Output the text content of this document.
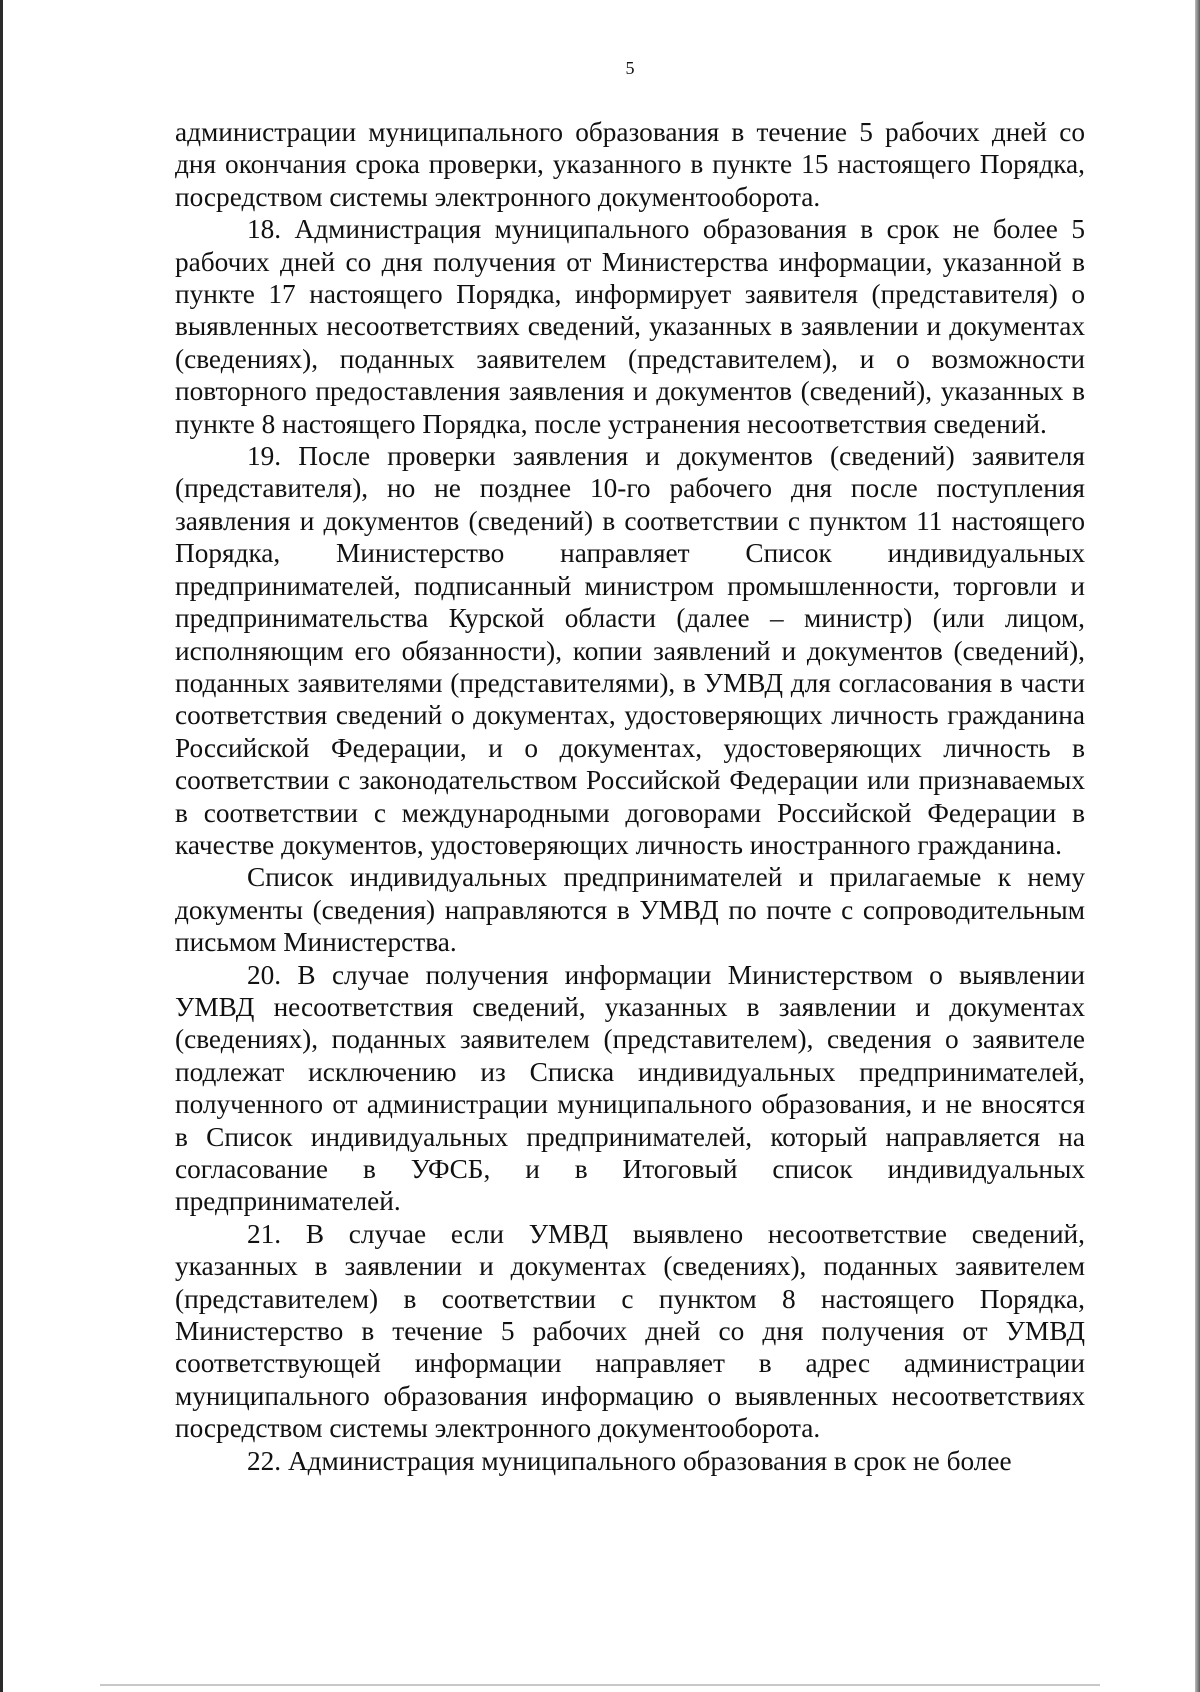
5

администрации муниципального образования в течение 5 рабочих дней со дня окончания срока проверки, указанного в пункте 15 настоящего Порядка, посредством системы электронного документооборота.

18. Администрация муниципального образования в срок не более 5 рабочих дней со дня получения от Министерства информации, указанной в пункте 17 настоящего Порядка, информирует заявителя (представителя) о выявленных несоответствиях сведений, указанных в заявлении и документах (сведениях), поданных заявителем (представителем), и о возможности повторного предоставления заявления и документов (сведений), указанных в пункте 8 настоящего Порядка, после устранения несоответствия сведений.

19. После проверки заявления и документов (сведений) заявителя (представителя), но не позднее 10-го рабочего дня после поступления заявления и документов (сведений) в соответствии с пунктом 11 настоящего Порядка, Министерство направляет Список индивидуальных предпринимателей, подписанный министром промышленности, торговли и предпринимательства Курской области (далее – министр) (или лицом, исполняющим его обязанности), копии заявлений и документов (сведений), поданных заявителями (представителями), в УМВД для согласования в части соответствия сведений о документах, удостоверяющих личность гражданина Российской Федерации, и о документах, удостоверяющих личность в соответствии с законодательством Российской Федерации или признаваемых в соответствии с международными договорами Российской Федерации в качестве документов, удостоверяющих личность иностранного гражданина.

Список индивидуальных предпринимателей и прилагаемые к нему документы (сведения) направляются в УМВД по почте с сопроводительным письмом Министерства.

20. В случае получения информации Министерством о выявлении УМВД несоответствия сведений, указанных в заявлении и документах (сведениях), поданных заявителем (представителем), сведения о заявителе подлежат исключению из Списка индивидуальных предпринимателей, полученного от администрации муниципального образования, и не вносятся в Список индивидуальных предпринимателей, который направляется на согласование в УФСБ, и в Итоговый список индивидуальных предпринимателей.

21. В случае если УМВД выявлено несоответствие сведений, указанных в заявлении и документах (сведениях), поданных заявителем (представителем) в соответствии с пунктом 8 настоящего Порядка, Министерство в течение 5 рабочих дней со дня получения от УМВД соответствующей информации направляет в адрес администрации муниципального образования информацию о выявленных несоответствиях посредством системы электронного документооборота.

22. Администрация муниципального образования в срок не более
